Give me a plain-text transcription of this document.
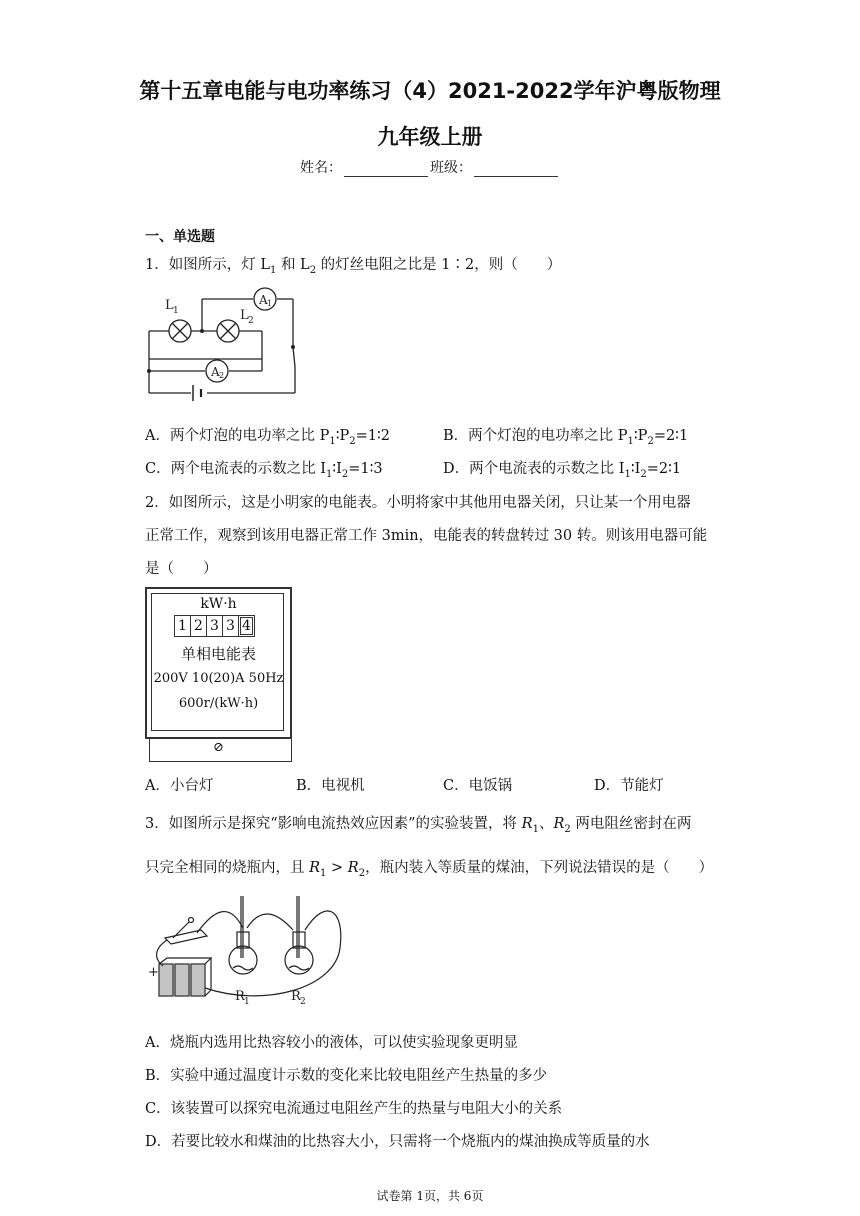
第十五章电能与电功率练习（4）2021-2022学年沪粤版物理
九年级上册
姓名：	班级：
一、单选题
1．如图所示，灯 $L_1$ 和 $L_2$ 的灯丝电阻之比是 1∶2，则（　　）
L 1	L 2
A 1
A 2
A．两个灯泡的电功率之比 $P_1∶P_2=1∶2$	B．两个灯泡的电功率之比 $P_1∶P_2=2∶1$
C．两个电流表的示数之比 $I_1∶I_2=1∶3$	D．两个电流表的示数之比 $I_1∶I_2=2∶1$
2．如图所示，这是小明家的电能表。小明将家中其他用电器关闭，只让某一个用电器
正常工作，观察到该用电器正常工作 3min，电能表的转盘转过 30 转。则该用电器可能
是（　　）
kW·h
1 2 3 3 4
单相电能表
200V 10(20)A 50Hz
600r/(kW·h)
⊘
A．小台灯	B．电视机	C．电饭锅	D．节能灯
3．如图所示是探究“影响电流热效应因素”的实验装置，将 $R_1$、$R_2$ 两电阻丝密封在两
只完全相同的烧瓶内，且 $R_1 > R_2$，瓶内装入等质量的煤油，下列说法错误的是（　　）
+
R 1	R 2
A．烧瓶内选用比热容较小的液体，可以使实验现象更明显
B．实验中通过温度计示数的变化来比较电阻丝产生热量的多少
C．该装置可以探究电流通过电阻丝产生的热量与电阻大小的关系
D．若要比较水和煤油的比热容大小，只需将一个烧瓶内的煤油换成等质量的水
试卷第 1页，共 6页
